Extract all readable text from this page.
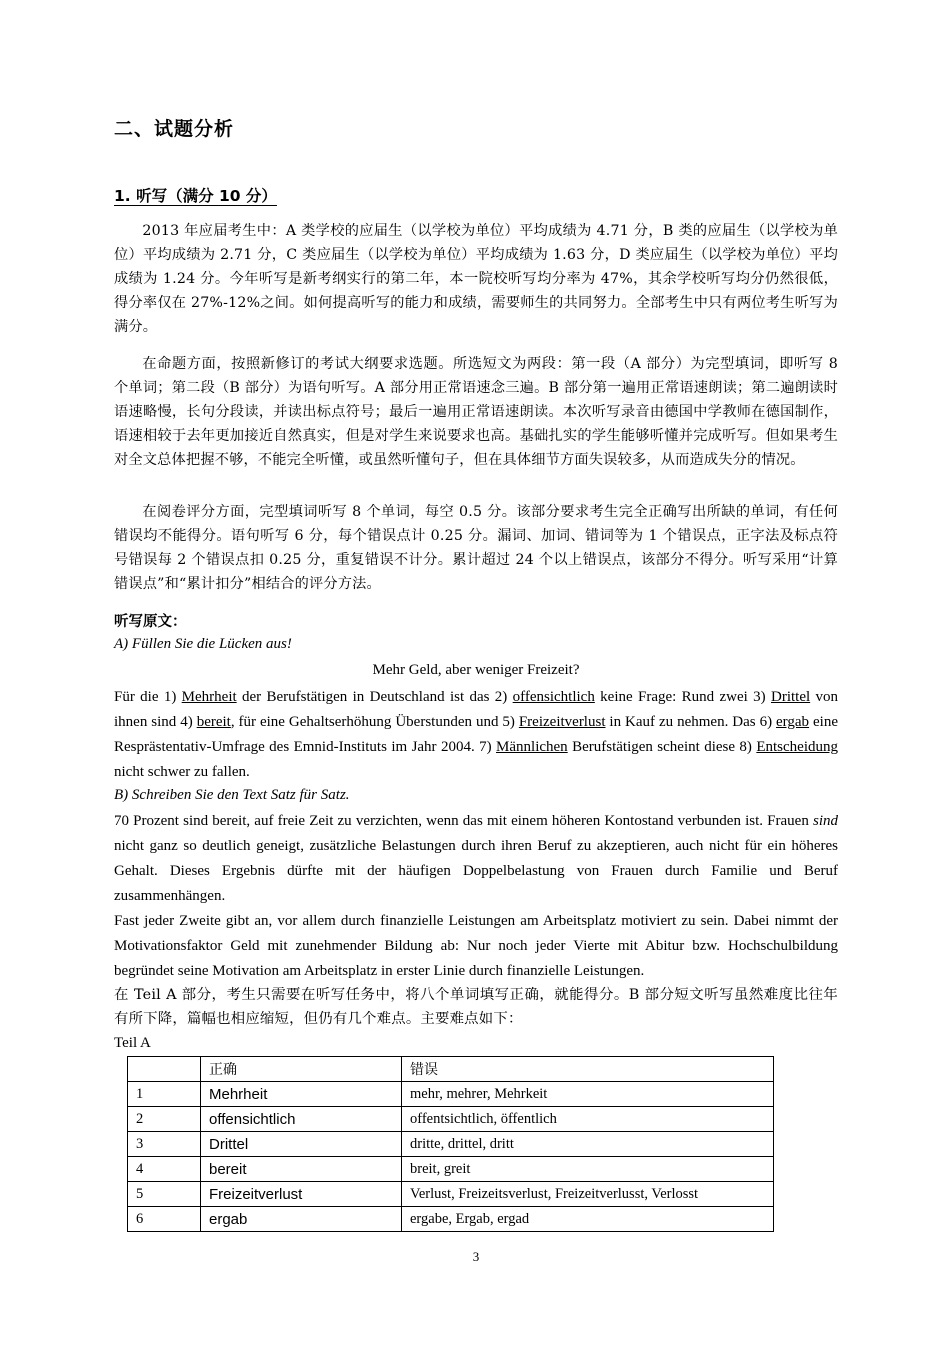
二、试题分析
1. 听写（满分 10 分）

2013 年应届考生中：A 类学校的应届生（以学校为单位）平均成绩为 4.71 分，B 类的应届生（以学校为单位）平均成绩为 2.71 分，C 类应届生（以学校为单位）平均成绩为 1.63 分，D 类应届生（以学校为单位）平均成绩为 1.24 分。今年听写是新考纲实行的第二年，本一院校听写均分率为 47%，其余学校听写均分仍然很低，得分率仅在 27%-12%之间。如何提高听写的能力和成绩，需要师生的共同努力。全部考生中只有两位考生听写为满分。

在命题方面，按照新修订的考试大纲要求选题。所选短文为两段：第一段（A 部分）为完型填词，即听写 8 个单词；第二段（B 部分）为语句听写。A 部分用正常语速念三遍。B 部分第一遍用正常语速朗读；第二遍朗读时语速略慢，长句分段读，并读出标点符号；最后一遍用正常语速朗读。本次听写录音由德国中学教师在德国制作，语速相较于去年更加接近自然真实，但是对学生来说要求也高。基础扎实的学生能够听懂并完成听写。但如果考生对全文总体把握不够，不能完全听懂，或虽然听懂句子，但在具体细节方面失误较多，从而造成失分的情况。

在阅卷评分方面，完型填词听写 8 个单词，每空 0.5 分。该部分要求考生完全正确写出所缺的单词，有任何错误均不能得分。语句听写 6 分，每个错误点计 0.25 分。漏词、加词、错词等为 1 个错误点，正字法及标点符号错误每 2 个错误点扣 0.25 分，重复错误不计分。累计超过 24 个以上错误点，该部分不得分。听写采用“计算错误点”和“累计扣分”相结合的评分方法。

听写原文：
A) Füllen Sie die Lücken aus!
Mehr Geld, aber weniger Freizeit?

Für die 1) Mehrheit der Berufstätigen in Deutschland ist das 2) offensichtlich keine Frage: Rund zwei 3) Drittel von ihnen sind 4) bereit, für eine Gehaltserhöhung Überstunden und 5) Freizeitverlust in Kauf zu nehmen. Das 6) ergab eine Resprästentativ-Umfrage des Emnid-Instituts im Jahr 2004. 7) Männlichen Berufstätigen scheint diese 8) Entscheidung nicht schwer zu fallen.

B) Schreiben Sie den Text Satz für Satz.

70 Prozent sind bereit, auf freie Zeit zu verzichten, wenn das mit einem höheren Kontostand verbunden ist. Frauen sind nicht ganz so deutlich geneigt, zusätzliche Belastungen durch ihren Beruf zu akzeptieren, auch nicht für ein höheres Gehalt. Dieses Ergebnis dürfte mit der häufigen Doppelbelastung von Frauen durch Familie und Beruf zusammenhängen.

Fast jeder Zweite gibt an, vor allem durch finanzielle Leistungen am Arbeitsplatz motiviert zu sein. Dabei nimmt der Motivationsfaktor Geld mit zunehmender Bildung ab: Nur noch jeder Vierte mit Abitur bzw. Hochschulbildung begründet seine Motivation am Arbeitsplatz in erster Linie durch finanzielle Leistungen.

在 Teil A 部分，考生只需要在听写任务中，将八个单词填写正确，就能得分。B 部分短文听写虽然难度比往年有所下降，篇幅也相应缩短，但仍有几个难点。主要难点如下：

Teil A
	正确	错误
1	Mehrheit	mehr, mehrer, Mehrkeit
2	offensichtlich	offentsichtlich, öffentlich
3	Drittel	dritte, drittel, dritt
4	bereit	breit, greit
5	Freizeitverlust	Verlust, Freizeitsverlust, Freizeitverlusst, Verlosst
6	ergab	ergabe, Ergab, ergad
3
